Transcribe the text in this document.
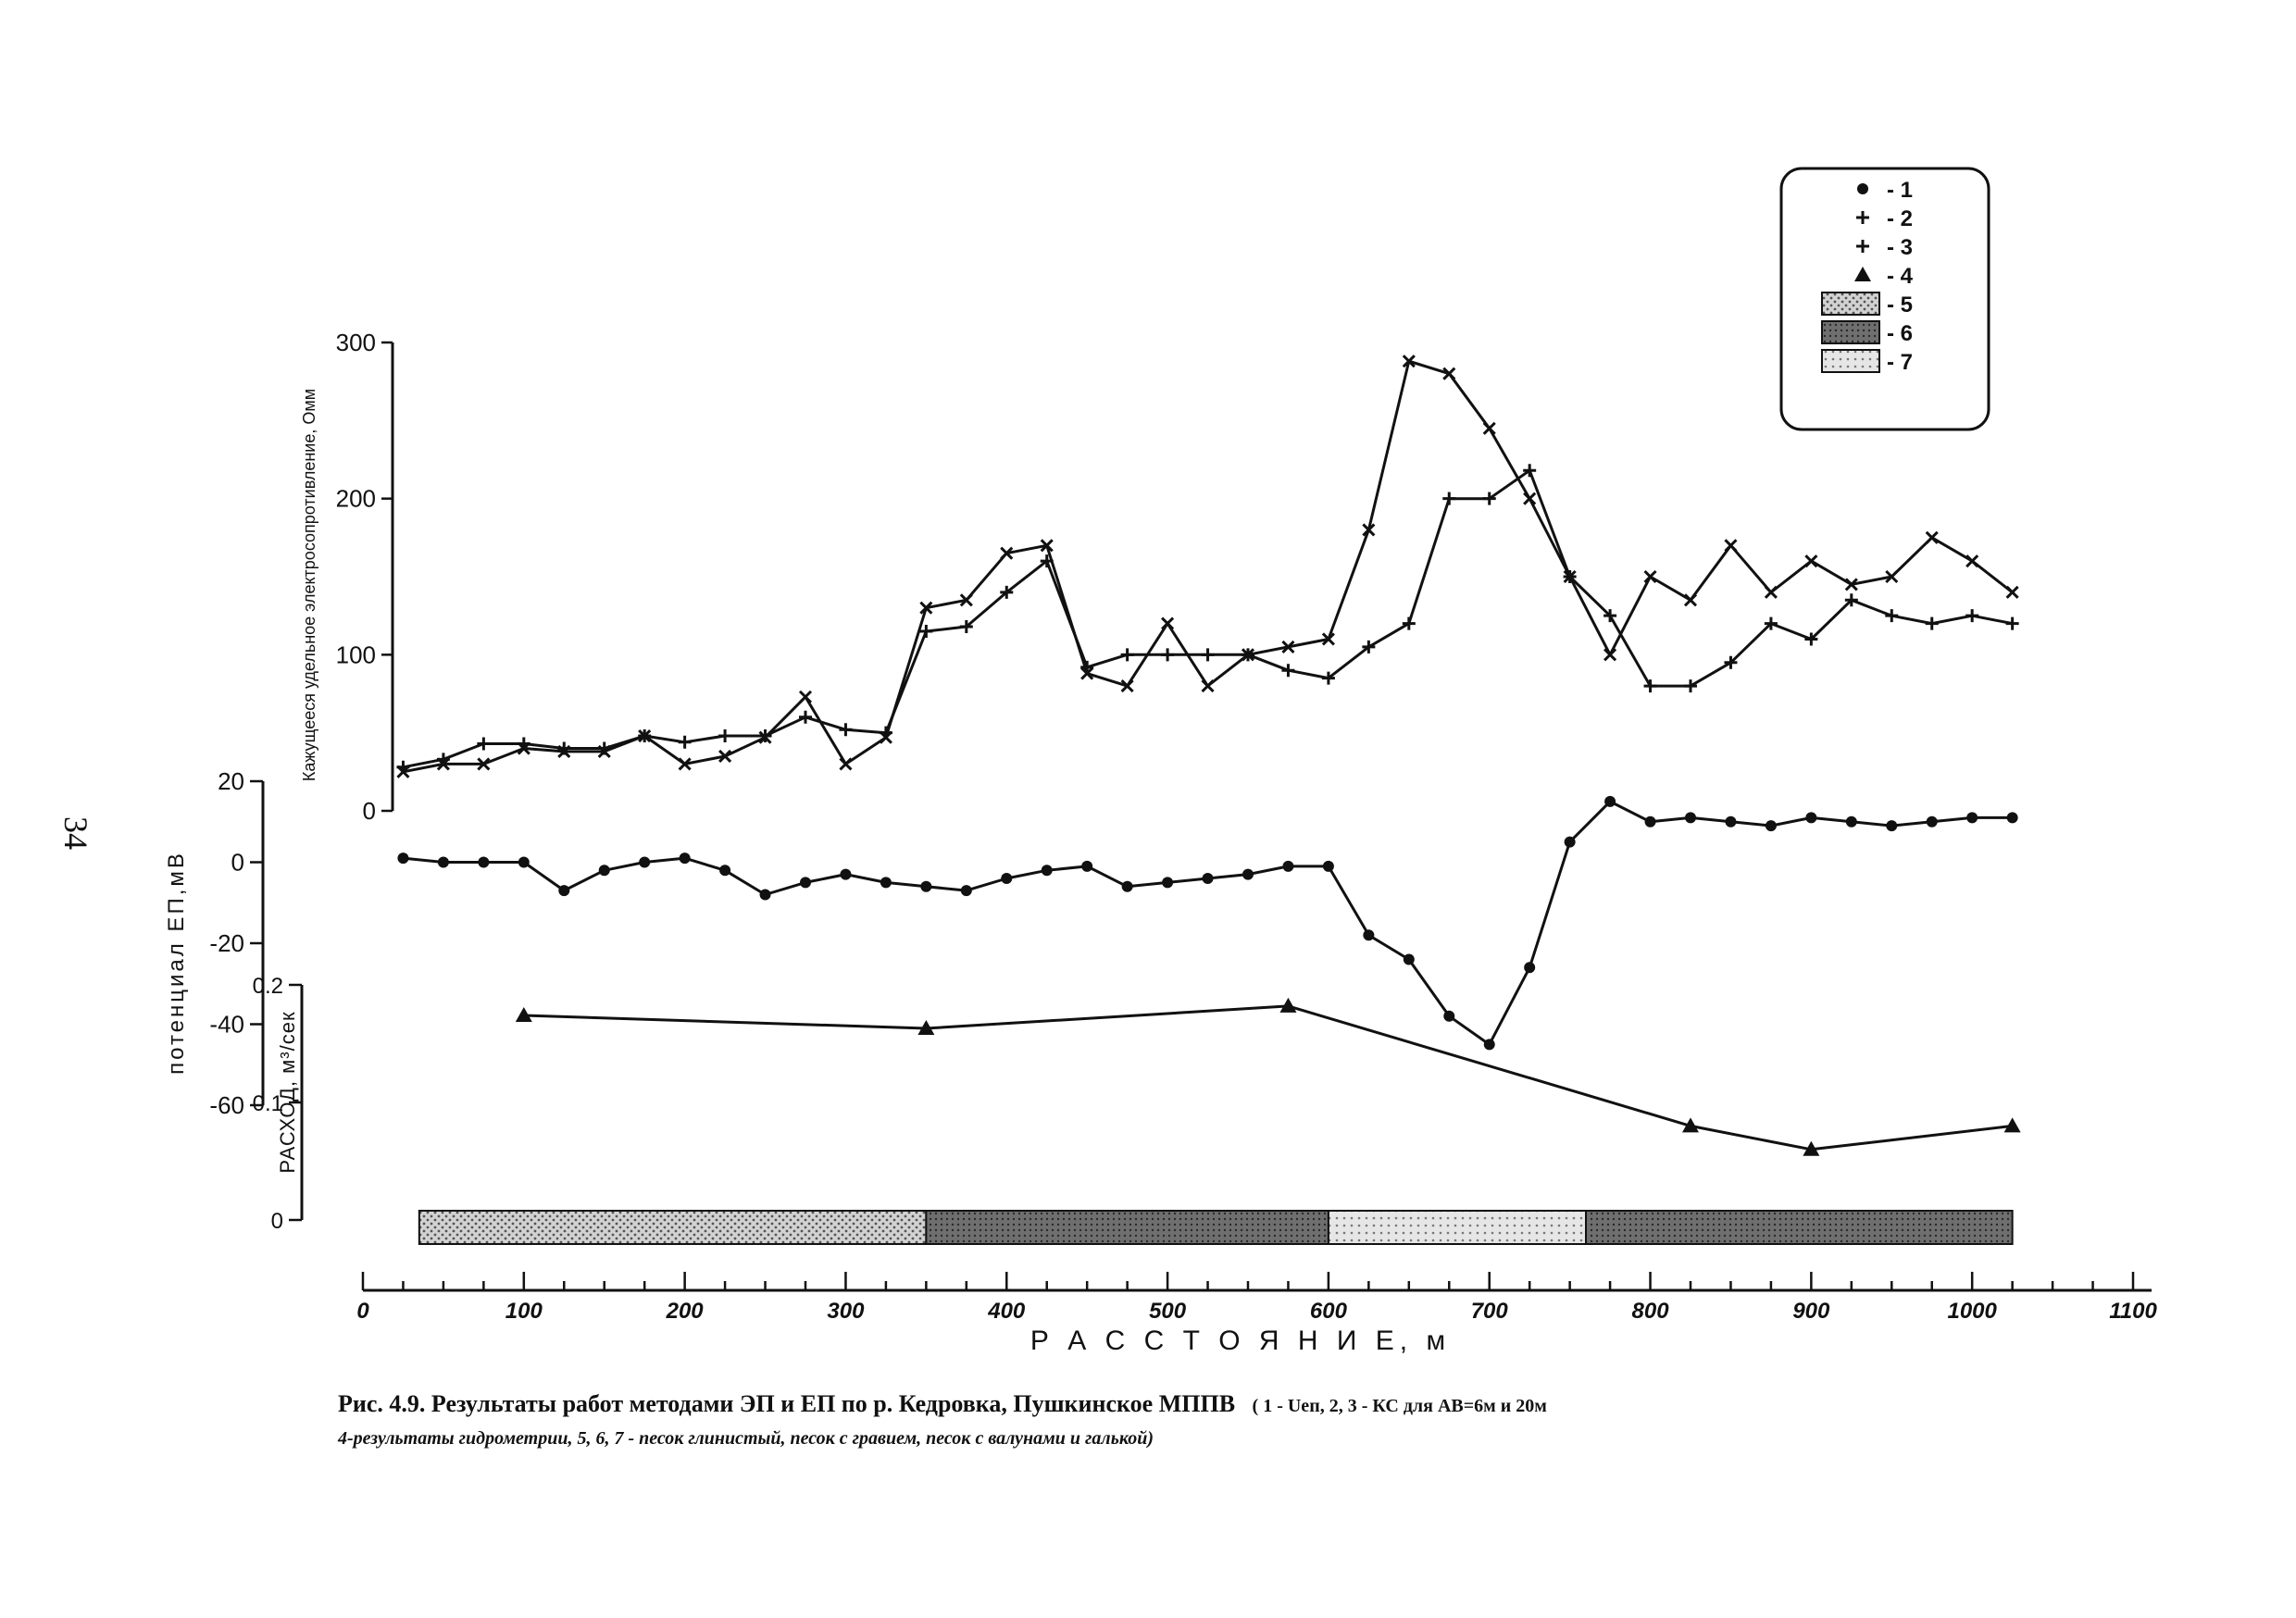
34
300
200
100
0
20
0
-20
-40
-60
0.2
0.1
0
0	100	200	300	400	500	600	700	800	900	1000	1100
Кажущееся удельное электросопротивление, Омм
потенциал ЕП,мВ
РАСХОД, м³/сек
Р А С С Т О Я Н И Е, м
- 1
- 2
- 3
- 4
- 5
- 6
- 7
Рис. 4.9. Результаты работ методами ЭП и ЕП по р. Кедровка, Пушкинское МППВ ( 1 - Uеп, 2, 3 - КС для АВ=6м и 20м
4-результаты гидрометрии, 5, 6, 7 - песок глинистый, песок с гравием, песок с валунами и галькой)
